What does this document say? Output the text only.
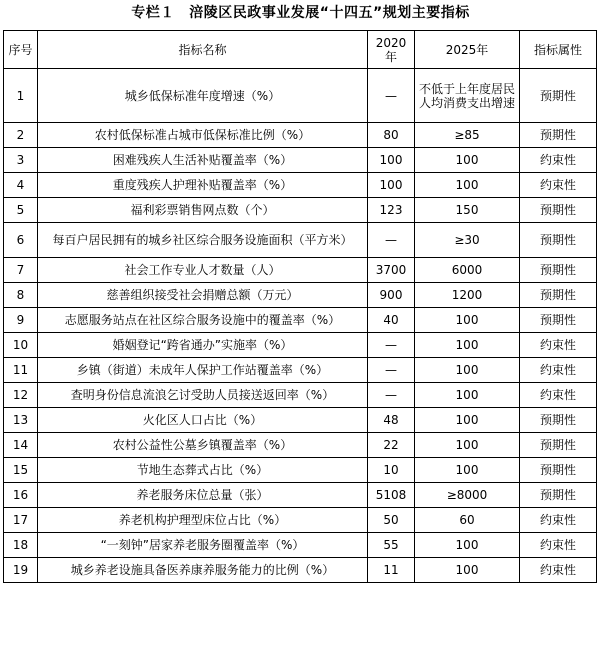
专栏１　涪陵区民政事业发展“十四五”规划主要指标
序号	指标名称	2020年	2025年	指标属性
1	城乡低保标准年度增速（%）	—	不低于上年度居民人均消费支出增速	预期性
2	农村低保标准占城市低保标准比例（%）	80	≥85	预期性
3	困难残疾人生活补贴覆盖率（%）	100	100	约束性
4	重度残疾人护理补贴覆盖率（%）	100	100	约束性
5	福利彩票销售网点数（个）	123	150	预期性
6	每百户居民拥有的城乡社区综合服务设施面积（平方米）	—	≥30	预期性
7	社会工作专业人才数量（人）	3700	6000	预期性
8	慈善组织接受社会捐赠总额（万元）	900	1200	预期性
9	志愿服务站点在社区综合服务设施中的覆盖率（%）	40	100	预期性
10	婚姻登记“跨省通办”实施率（%）	—	100	约束性
11	乡镇（街道）未成年人保护工作站覆盖率（%）	—	100	约束性
12	查明身份信息流浪乞讨受助人员接送返回率（%）	—	100	约束性
13	火化区人口占比（%）	48	100	预期性
14	农村公益性公墓乡镇覆盖率（%）	22	100	预期性
15	节地生态葬式占比（%）	10	100	预期性
16	养老服务床位总量（张）	5108	≥8000	预期性
17	养老机构护理型床位占比（%）	50	60	约束性
18	“一刻钟”居家养老服务圈覆盖率（%）	55	100	约束性
19	城乡养老设施具备医养康养服务能力的比例（%）	11	100	约束性
